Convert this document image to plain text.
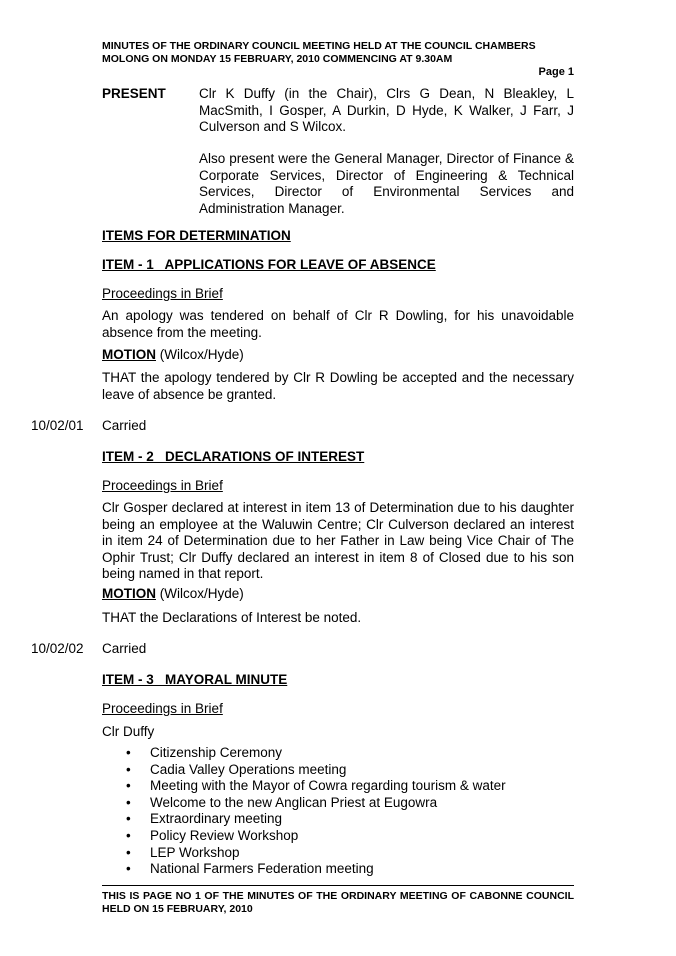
MINUTES OF THE ORDINARY COUNCIL MEETING HELD AT THE COUNCIL CHAMBERS
MOLONG ON MONDAY 15 FEBRUARY, 2010 COMMENCING AT 9.30AM
Page 1
PRESENT Clr K Duffy (in the Chair), Clrs G Dean, N Bleakley, L MacSmith, I Gosper, A Durkin, D Hyde, K Walker, J Farr, J Culverson and S Wilcox.
Also present were the General Manager, Director of Finance & Corporate Services, Director of Engineering & Technical Services, Director of Environmental Services and Administration Manager.
ITEMS FOR DETERMINATION
ITEM - 1   APPLICATIONS FOR LEAVE OF ABSENCE
Proceedings in Brief
An apology was tendered on behalf of Clr R Dowling, for his unavoidable absence from the meeting.
MOTION (Wilcox/Hyde)
THAT the apology tendered by Clr R Dowling be accepted and the necessary leave of absence be granted.
10/02/01 Carried
ITEM - 2   DECLARATIONS OF INTEREST
Proceedings in Brief
Clr Gosper declared at interest in item 13 of Determination due to his daughter being an employee at the Waluwin Centre; Clr Culverson declared an interest in item 24 of Determination due to her Father in Law being Vice Chair of The Ophir Trust; Clr Duffy declared an interest in item 8 of Closed due to his son being named in that report.
MOTION (Wilcox/Hyde)
THAT the Declarations of Interest be noted.
10/02/02 Carried
ITEM - 3   MAYORAL MINUTE
Proceedings in Brief
Clr Duffy
• Citizenship Ceremony
• Cadia Valley Operations meeting
• Meeting with the Mayor of Cowra regarding tourism & water
• Welcome to the new Anglican Priest at Eugowra
• Extraordinary meeting
• Policy Review Workshop
• LEP Workshop
• National Farmers Federation meeting
THIS IS PAGE NO 1 OF THE MINUTES OF THE ORDINARY MEETING OF CABONNE COUNCIL HELD ON 15 FEBRUARY, 2010
